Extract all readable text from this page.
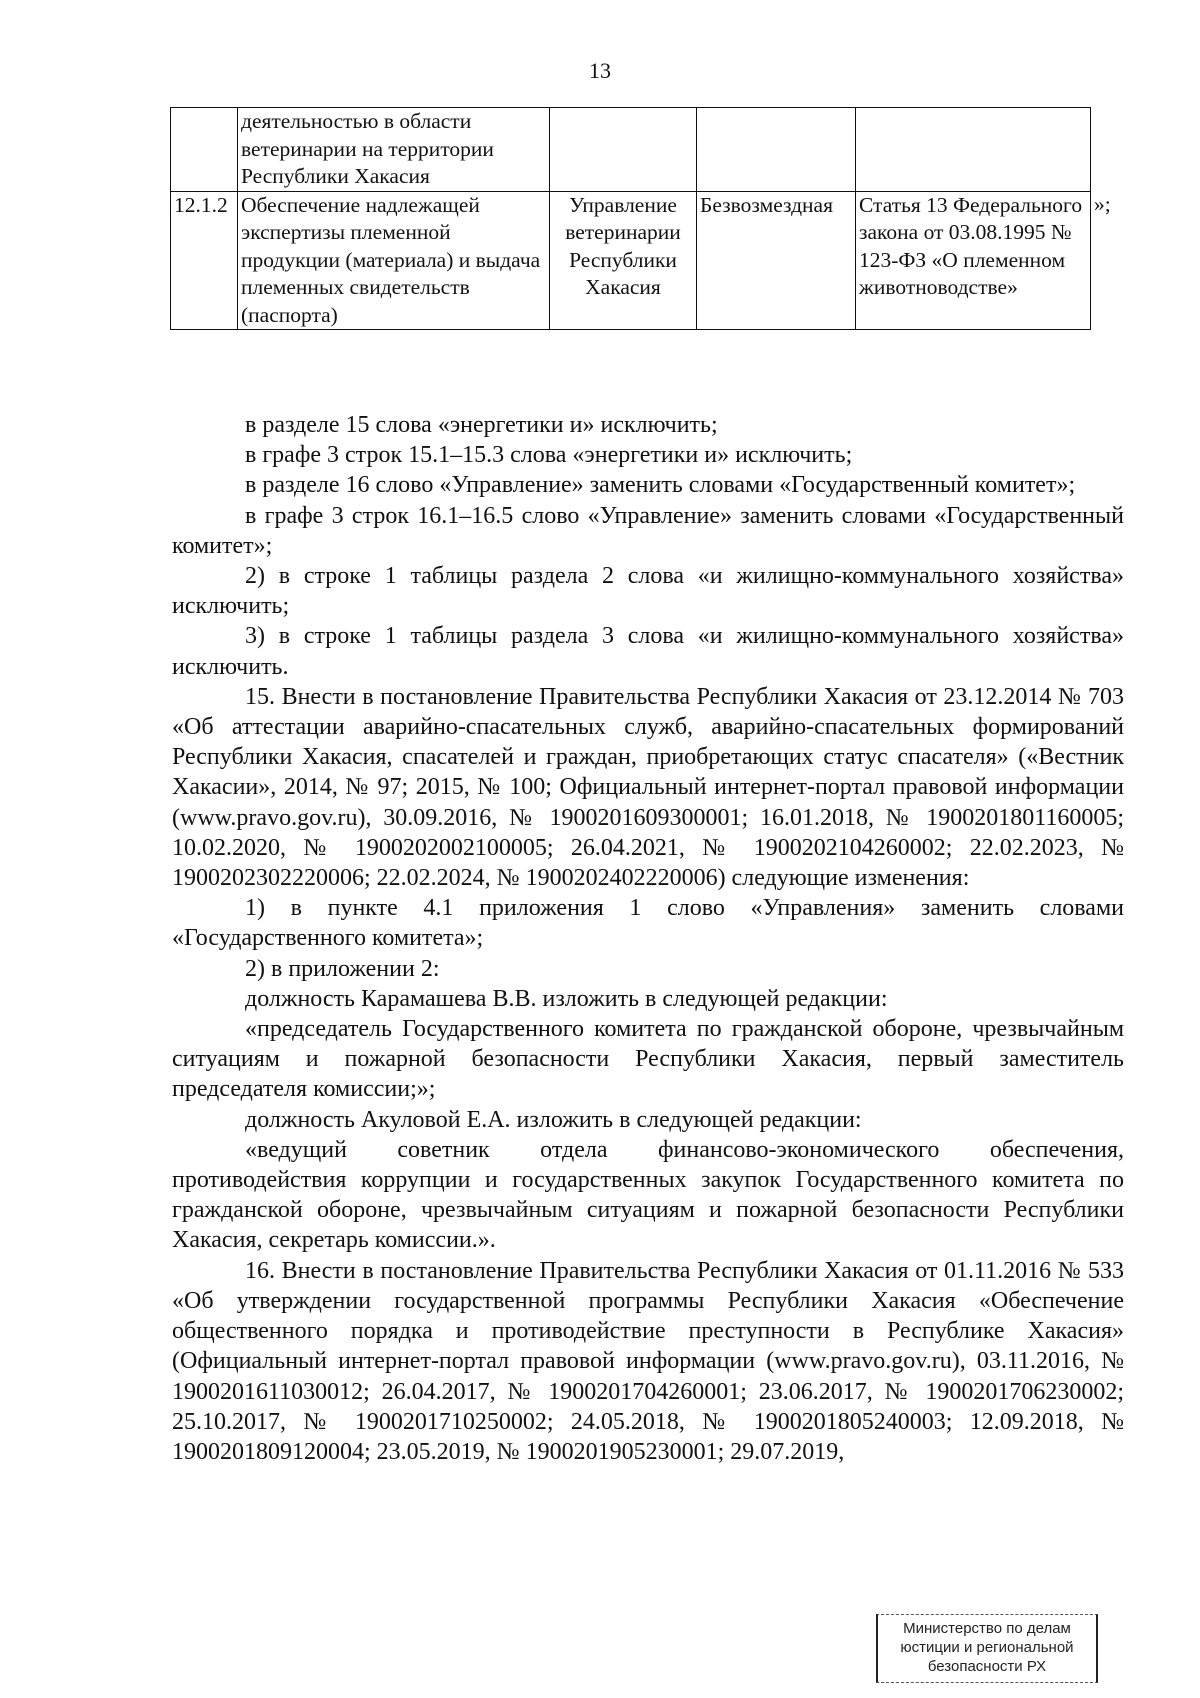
13
	деятельностью в области ветеринарии на территории Республики Хакасия				
12.1.2	Обеспечение надлежащей экспертизы племенной продукции (материала) и выдача племенных свидетельств (паспорта)	Управление ветеринарии Республики Хакасия	Безвозмездная	Статья 13 Федерального закона от 03.08.1995 № 123-ФЗ «О племенном животноводстве»	»;

в разделе 15 слова «энергетики и» исключить;

в графе 3 строк 15.1–15.3 слова «энергетики и» исключить;

в разделе 16 слово «Управление» заменить словами «Государственный комитет»;

в графе 3 строк 16.1–16.5 слово «Управление» заменить словами «Государственный комитет»;

2) в строке 1 таблицы раздела 2 слова «и жилищно-коммунального хозяйства» исключить;

3) в строке 1 таблицы раздела 3 слова «и жилищно-коммунального хозяйства» исключить.

15. Внести в постановление Правительства Республики Хакасия от 23.12.2014 № 703 «Об аттестации аварийно-спасательных служб, аварийно-спасательных формирований Республики Хакасия, спасателей и граждан, приобретающих статус спасателя» («Вестник Хакасии», 2014, № 97; 2015, № 100; Официальный интернет-портал правовой информации (www.pravo.gov.ru), 30.09.2016, № 1900201609300001; 16.01.2018, № 1900201801160005; 10.02.2020, № 1900202002100005; 26.04.2021, № 1900202104260002; 22.02.2023, № 1900202302220006; 22.02.2024, № 1900202402220006) следующие изменения:

1) в пункте 4.1 приложения 1 слово «Управления» заменить словами «Государственного комитета»;

2) в приложении 2:

должность Карамашева В.В. изложить в следующей редакции:

«председатель Государственного комитета по гражданской обороне, чрезвычайным ситуациям и пожарной безопасности Республики Хакасия, первый заместитель председателя комиссии;»;

должность Акуловой Е.А. изложить в следующей редакции:

«ведущий советник отдела финансово-экономического обеспечения, противодействия коррупции и государственных закупок Государственного комитета по гражданской обороне, чрезвычайным ситуациям и пожарной безопасности Республики Хакасия, секретарь комиссии.».

16. Внести в постановление Правительства Республики Хакасия от 01.11.2016 № 533 «Об утверждении государственной программы Республики Хакасия «Обеспечение общественного порядка и противодействие преступности в Республике Хакасия» (Официальный интернет-портал правовой информации (www.pravo.gov.ru), 03.11.2016, № 1900201611030012; 26.04.2017, № 1900201704260001; 23.06.2017, № 1900201706230002; 25.10.2017, № 1900201710250002; 24.05.2018, № 1900201805240003; 12.09.2018, № 1900201809120004; 23.05.2019, № 1900201905230001; 29.07.2019,

Министерство по делам
юстиции и региональной
безопасности РХ
